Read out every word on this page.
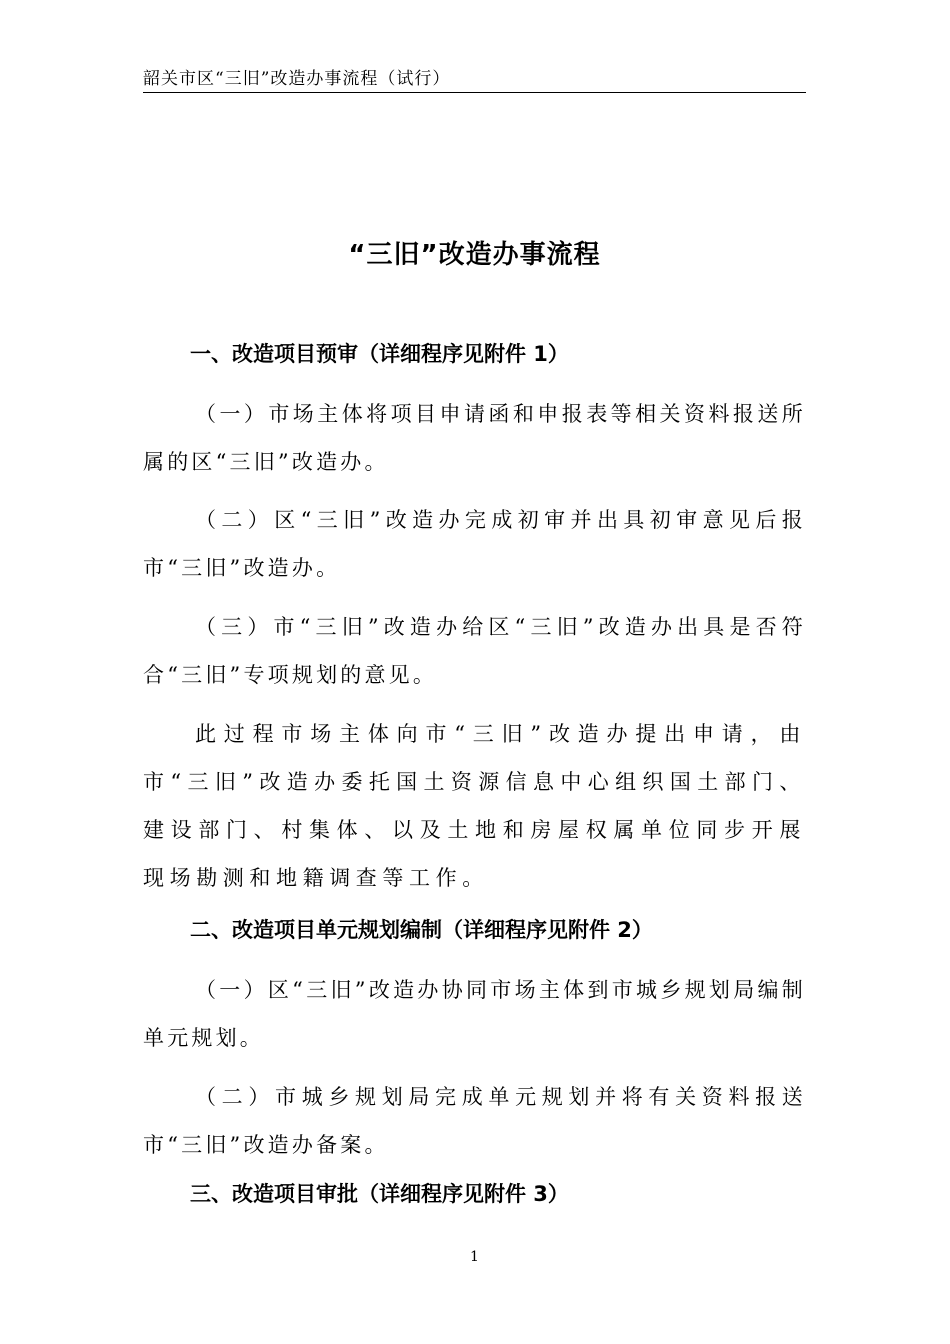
韶关市区“三旧”改造办事流程（试行）
“三旧”改造办事流程
一、改造项目预审（详细程序见附件 1）
（一）市场主体将项目申请函和申报表等相关资料报送所属的区“三旧”改造办。
（二）区“三旧”改造办完成初审并出具初审意见后报市“三旧”改造办。
（三）市“三旧”改造办给区“三旧”改造办出具是否符合“三旧”专项规划的意见。
此过程市场主体向市“三旧”改造办提出申请，由市“三旧”改造办委托国土资源信息中心组织国土部门、建设部门、村集体、以及土地和房屋权属单位同步开展现场勘测和地籍调查等工作。
二、改造项目单元规划编制（详细程序见附件 2）
（一）区“三旧”改造办协同市场主体到市城乡规划局编制单元规划。
（二）市城乡规划局完成单元规划并将有关资料报送市“三旧”改造办备案。
三、改造项目审批（详细程序见附件 3）
1
